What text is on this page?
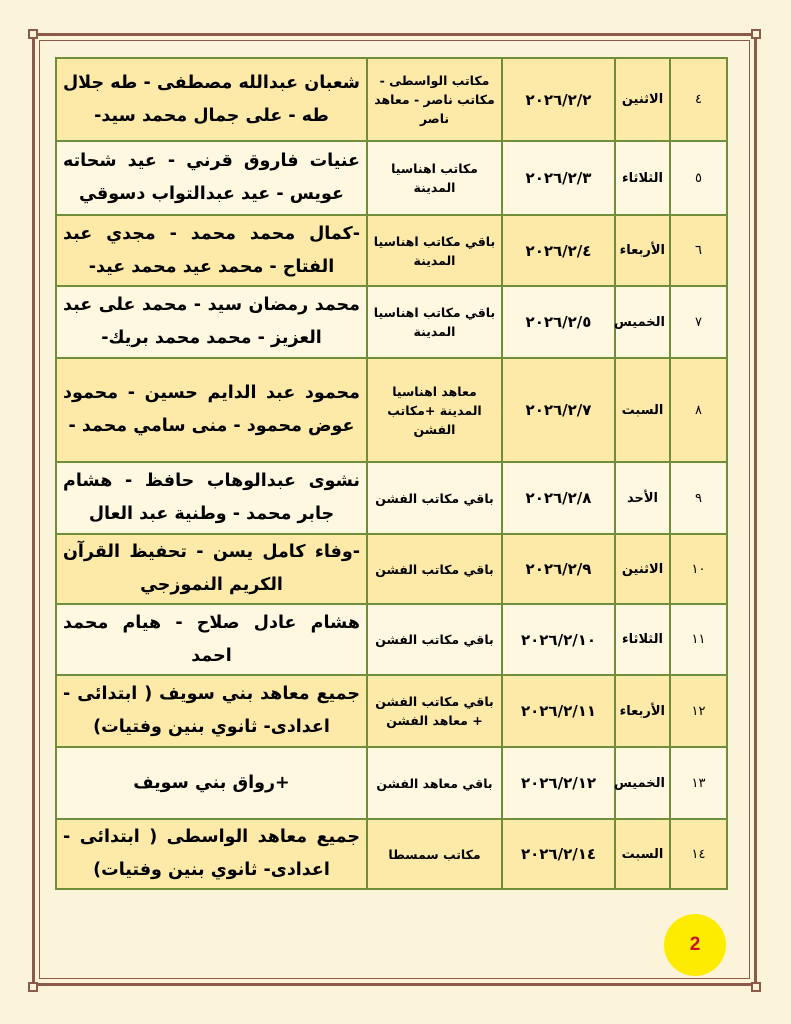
٤	الاثنين	٢٠٢٦/٢/٢	مكاتب الواسطى - مكاتب ناصر - معاهد ناصر	شعبان عبدالله مصطفى - طه جلال طه - على جمال محمد سيد-
٥	الثلاثاء	٢٠٢٦/٢/٣	مكاتب اهناسيا المدينة	عنيات فاروق قرني - عيد شحاته عويس - عيد عبدالتواب دسوقي
٦	الأربعاء	٢٠٢٦/٢/٤	باقي مكاتب اهناسيا المدينة	-كمال محمد محمد - مجدي عبد الفتاح - محمد عيد محمد عيد-
٧	الخميس	٢٠٢٦/٢/٥	باقي مكاتب اهناسيا المدينة	محمد رمضان سيد - محمد على عبد العزيز - محمد محمد بريك-
٨	السبت	٢٠٢٦/٢/٧	معاهد اهناسيا المدينة +مكاتب الفشن	محمود عبد الدايم حسين - محمود عوض محمود - منى سامي محمد -
٩	الأحد	٢٠٢٦/٢/٨	باقي مكاتب الفشن	نشوى عبدالوهاب حافظ - هشام جابر محمد - وطنية عبد العال
١٠	الاثنين	٢٠٢٦/٢/٩	باقي مكاتب الفشن	-وفاء كامل يسن - تحفيظ القرآن الكريم النموزجي
١١	الثلاثاء	٢٠٢٦/٢/١٠	باقي مكاتب الفشن	هشام عادل صلاح - هيام محمد احمد
١٢	الأربعاء	٢٠٢٦/٢/١١	باقي مكاتب الفشن + معاهد الفشن	جميع معاهد بني سويف ( ابتدائى - اعدادى- ثانوي بنين وفتيات)
١٣	الخميس	٢٠٢٦/٢/١٢	باقي معاهد الفشن	+رواق بني سويف
١٤	السبت	٢٠٢٦/٢/١٤	مكاتب سمسطا	جميع معاهد الواسطى ( ابتدائى - اعدادى- ثانوي بنين وفتيات)
2
